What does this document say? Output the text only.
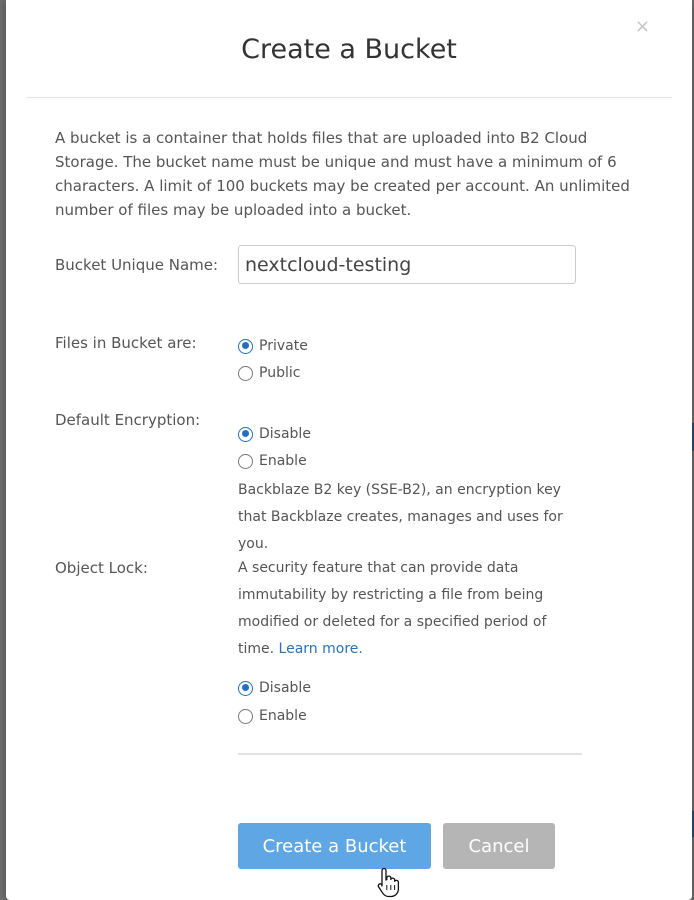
×
Create a Bucket

A bucket is a container that holds files that are uploaded into B2 Cloud Storage. The bucket name must be unique and must have a minimum of 6 characters. A limit of 100 buckets may be created per account. An unlimited number of files may be uploaded into a bucket.

Bucket Unique Name:
nextcloud-testing
Files in Bucket are:	Private
Public
Default Encryption:
Disable
Enable
Backblaze B2 key (SSE-B2), an encryption key that Backblaze creates, manages and uses for you.
Object Lock:	A security feature that can provide data immutability by restricting a file from being modified or deleted for a specified period of time. Learn more.
Disable
Enable
Create a Bucket	Cancel
